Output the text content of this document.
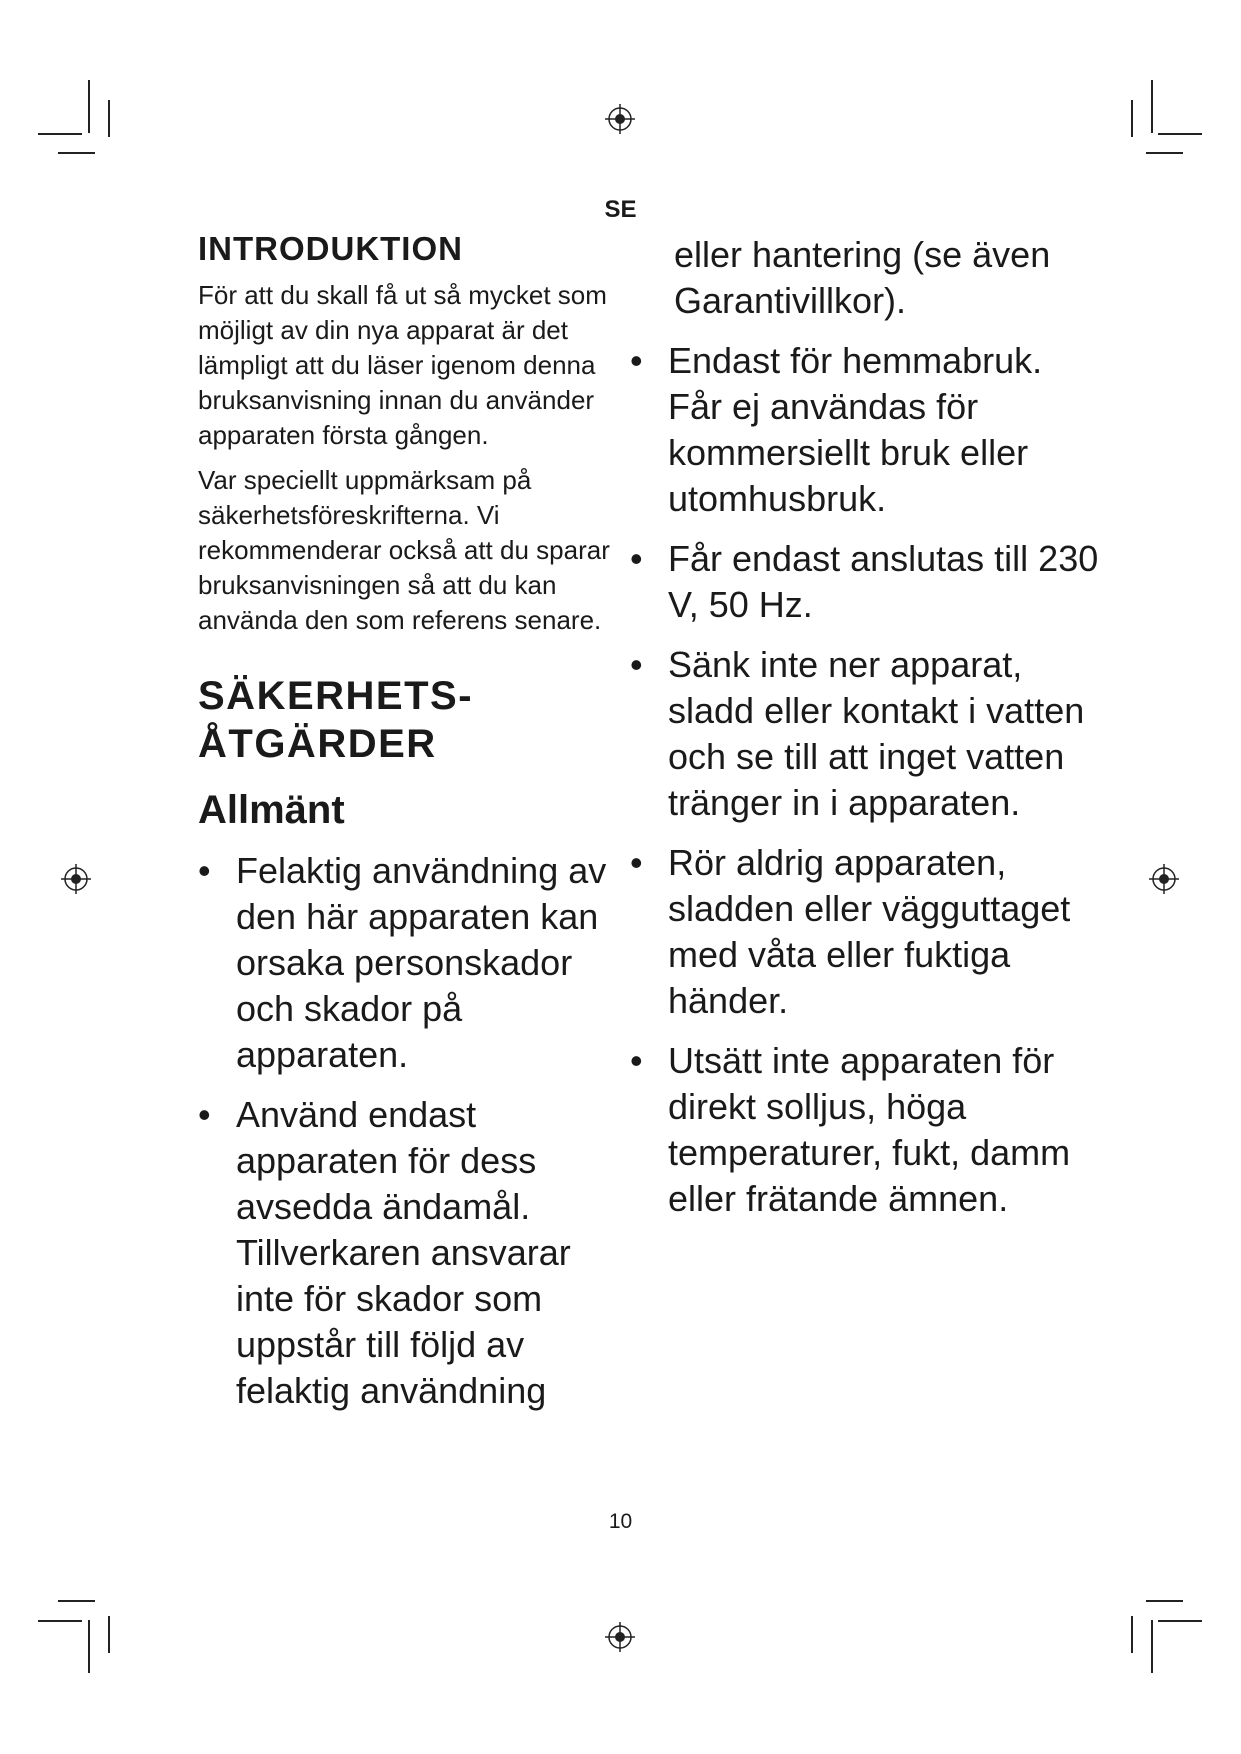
SE
INTRODUKTION

För att du skall få ut så mycket som möjligt av din nya apparat är det lämpligt att du läser igenom denna bruksanvisning innan du använder apparaten första gången.

Var speciellt uppmärksam på säkerhetsföreskrifterna. Vi rekommenderar också att du sparar bruksanvisningen så att du kan använda den som referens senare.

SÄKERHETS-
ÅTGÄRDER
Allmänt
• Felaktig användning av den här apparaten kan orsaka personskador och skador på apparaten.
• Använd endast apparaten för dess avsedda ändamål. Tillverkaren ansvarar inte för skador som uppstår till följd av felaktig användning
eller hantering (se även Garantivillkor).
• Endast för hemmabruk. Får ej användas för kommersiellt bruk eller utomhusbruk.
• Får endast anslutas till 230 V, 50 Hz.
• Sänk inte ner apparat, sladd eller kontakt i vatten och se till att inget vatten tränger in i apparaten.
• Rör aldrig apparaten, sladden eller vägguttaget med våta eller fuktiga händer.
• Utsätt inte apparaten för direkt solljus, höga temperaturer, fukt, damm eller frätande ämnen.
10
